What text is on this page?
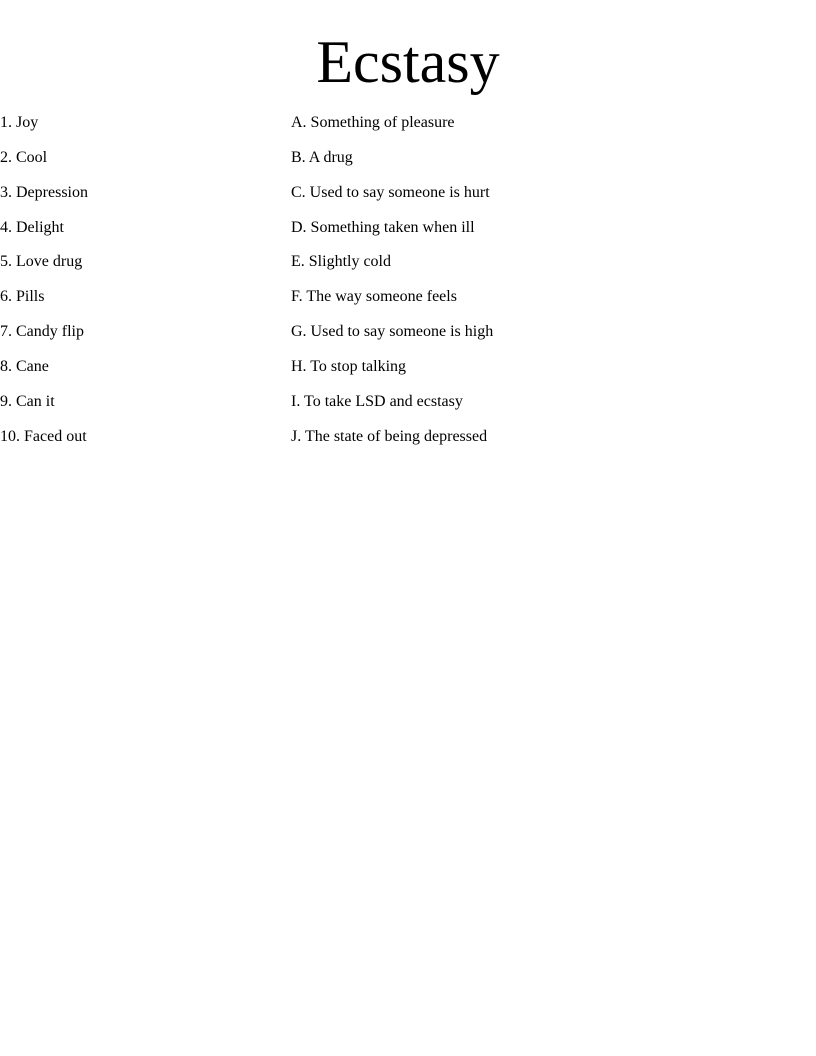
Ecstasy
1. Joy	A. Something of pleasure
2. Cool	B. A drug
3. Depression	C. Used to say someone is hurt
4. Delight	D. Something taken when ill
5. Love drug	E. Slightly cold
6. Pills	F. The way someone feels
7. Candy flip	G. Used to say someone is high
8. Cane	H. To stop talking
9. Can it	I. To take LSD and ecstasy
10. Faced out	J. The state of being depressed
